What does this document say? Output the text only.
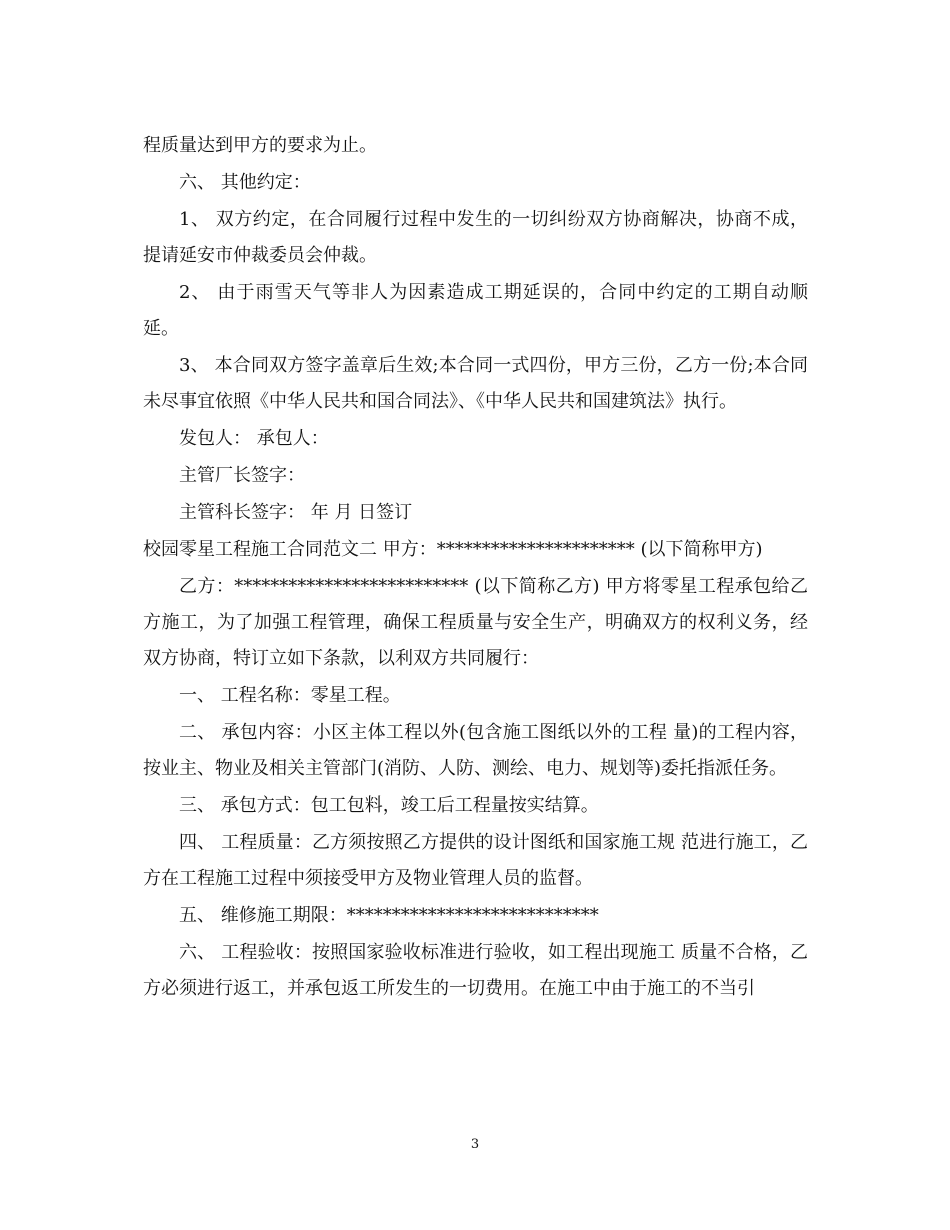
程质量达到甲方的要求为止。

六、 其他约定：

1、 双方约定，在合同履行过程中发生的一切纠纷双方协商解决，协商不成，提请延安市仲裁委员会仲裁。

2、 由于雨雪天气等非人为因素造成工期延误的，合同中约定的工期自动顺延。

3、 本合同双方签字盖章后生效;本合同一式四份，甲方三份，乙方一份;本合同未尽事宜依照《中华人民共和国合同法》、《中华人民共和国建筑法》执行。

发包人： 承包人：

主管厂长签字：

主管科长签字： 年 月 日签订

校园零星工程施工合同范文二 甲方：********************** (以下简称甲方)

乙方：************************** (以下简称乙方) 甲方将零星工程承包给乙方施工，为了加强工程管理，确保工程质量与安全生产，明确双方的权利义务，经双方协商，特订立如下条款，以利双方共同履行：

一、 工程名称：零星工程。

二、 承包内容：小区主体工程以外(包含施工图纸以外的工程 量)的工程内容，按业主、物业及相关主管部门(消防、人防、测绘、电力、规划等)委托指派任务。

三、 承包方式：包工包料，竣工后工程量按实结算。

四、 工程质量：乙方须按照乙方提供的设计图纸和国家施工规 范进行施工，乙方在工程施工过程中须接受甲方及物业管理人员的监督。

五、 维修施工期限：****************************

六、 工程验收：按照国家验收标准进行验收，如工程出现施工 质量不合格，乙方必须进行返工，并承包返工所发生的一切费用。在施工中由于施工的不当引

3
